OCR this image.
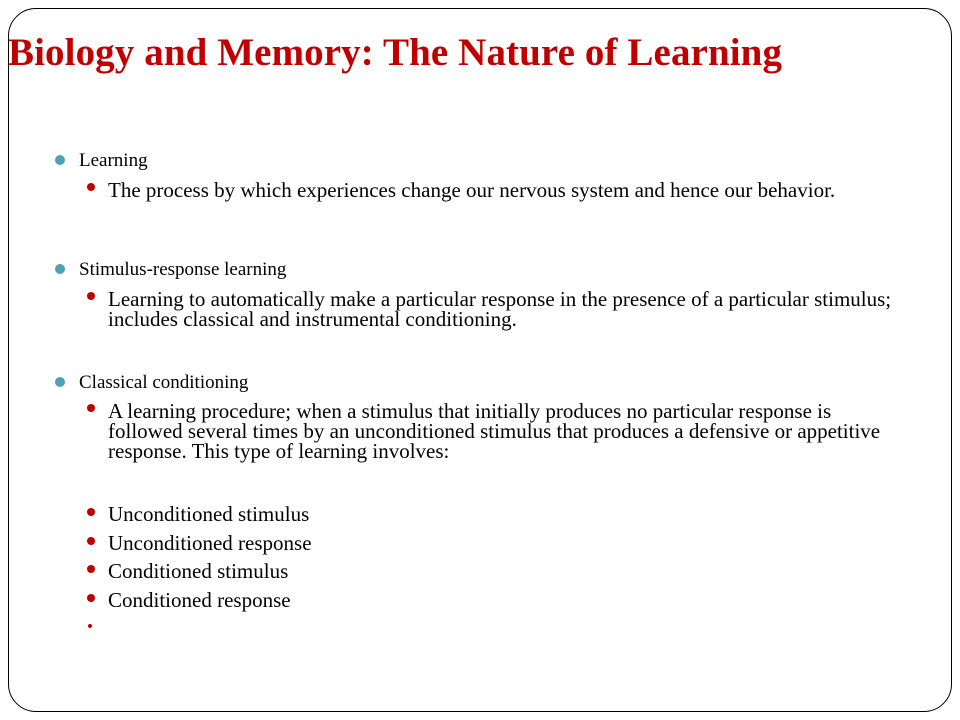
Biology and Memory: The Nature of Learning

Learning

The process by which experiences change our nervous system and hence our behavior.

Stimulus-response learning

Learning to automatically make a particular response in the presence of a particular stimulus; includes classical and instrumental conditioning.

Classical conditioning

A learning procedure; when a stimulus that initially produces no particular response is followed several times by an unconditioned stimulus that produces a defensive or appetitive response. This type of learning involves:

Unconditioned stimulus

Unconditioned response

Conditioned stimulus

Conditioned response
